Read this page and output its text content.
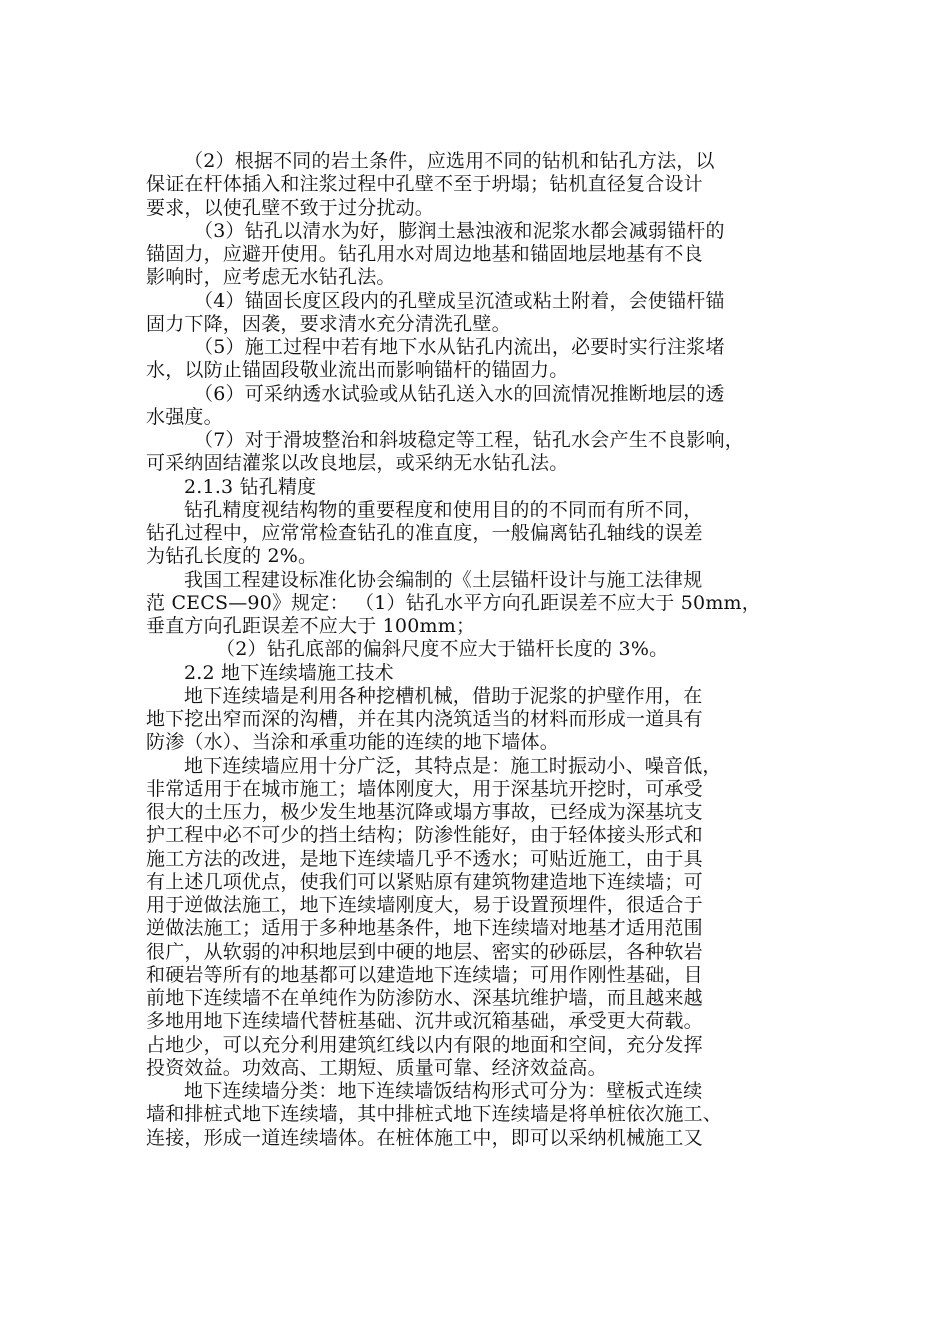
（2）根据不同的岩土条件，应选用不同的钻机和钻孔方法，以
保证在杆体插入和注浆过程中孔壁不至于坍塌；钻机直径复合设计
要求，以使孔壁不致于过分扰动。
（3）钻孔以清水为好，膨润土悬浊液和泥浆水都会减弱锚杆的
锚固力，应避开使用。钻孔用水对周边地基和锚固地层地基有不良
影响时，应考虑无水钻孔法。
（4）锚固长度区段内的孔壁成呈沉渣或粘土附着，会使锚杆锚
固力下降，因袭，要求清水充分清洗孔壁。
（5）施工过程中若有地下水从钻孔内流出，必要时实行注浆堵
水，以防止锚固段敬业流出而影响锚杆的锚固力。
（6）可采纳透水试验或从钻孔送入水的回流情况推断地层的透
水强度。
（7）对于滑坡整治和斜坡稳定等工程，钻孔水会产生不良影响，
可采纳固结灌浆以改良地层，或采纳无水钻孔法。
2.1.3 钻孔精度
钻孔精度视结构物的重要程度和使用目的的不同而有所不同，
钻孔过程中，应常常检查钻孔的准直度，一般偏离钻孔轴线的误差
为钻孔长度的 2%。
我国工程建设标准化协会编制的《土层锚杆设计与施工法律规
范 CECS—90》规定： （1）钻孔水平方向孔距误差不应大于 50mm，
垂直方向孔距误差不应大于 100mm；
（2）钻孔底部的偏斜尺度不应大于锚杆长度的 3%。
2.2 地下连续墙施工技术
地下连续墙是利用各种挖槽机械，借助于泥浆的护壁作用，在
地下挖出窄而深的沟槽，并在其内浇筑适当的材料而形成一道具有
防渗（水）、当涂和承重功能的连续的地下墙体。
地下连续墙应用十分广泛，其特点是：施工时振动小、噪音低，
非常适用于在城市施工；墙体刚度大，用于深基坑开挖时，可承受
很大的土压力，极少发生地基沉降或塌方事故，已经成为深基坑支
护工程中必不可少的挡土结构；防渗性能好，由于轻体接头形式和
施工方法的改进，是地下连续墙几乎不透水；可贴近施工，由于具
有上述几项优点，使我们可以紧贴原有建筑物建造地下连续墙；可
用于逆做法施工，地下连续墙刚度大，易于设置预埋件，很适合于
逆做法施工；适用于多种地基条件，地下连续墙对地基才适用范围
很广，从软弱的冲积地层到中硬的地层、密实的砂砾层，各种软岩
和硬岩等所有的地基都可以建造地下连续墙；可用作刚性基础，目
前地下连续墙不在单纯作为防渗防水、深基坑维护墙，而且越来越
多地用地下连续墙代替桩基础、沉井或沉箱基础，承受更大荷载。
占地少，可以充分利用建筑红线以内有限的地面和空间，充分发挥
投资效益。功效高、工期短、质量可靠、经济效益高。
地下连续墙分类：地下连续墙饭结构形式可分为：壁板式连续
墙和排桩式地下连续墙，其中排桩式地下连续墙是将单桩依次施工、
连接，形成一道连续墙体。在桩体施工中，即可以采纳机械施工又
